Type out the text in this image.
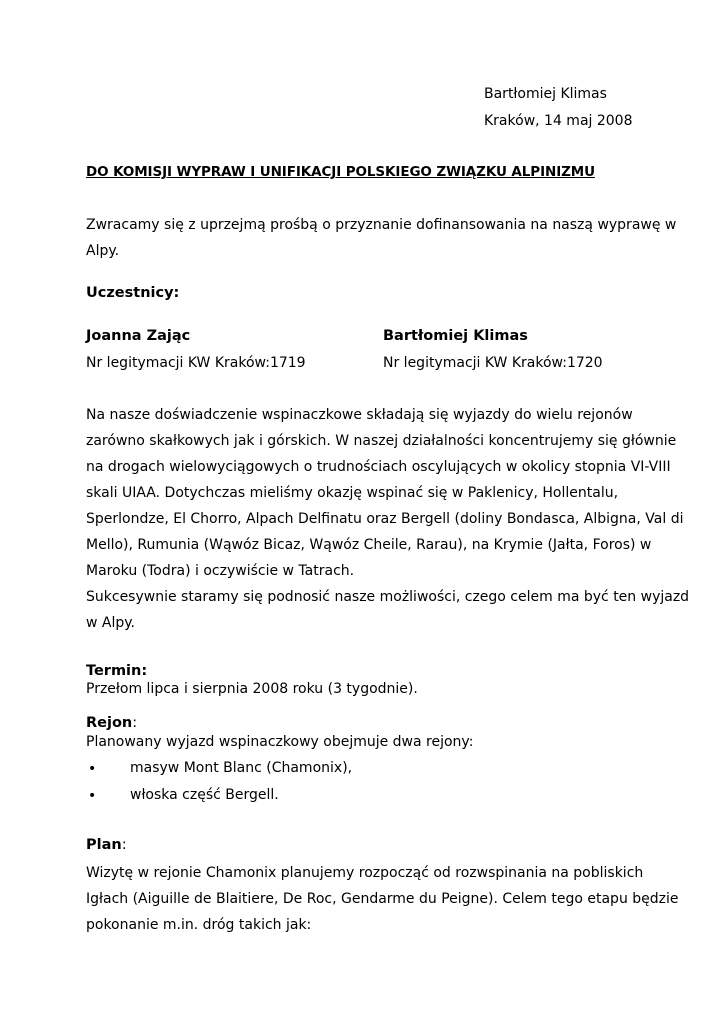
Bartłomiej Klimas
Kraków, 14 maj 2008
DO KOMISJI WYPRAW I UNIFIKACJI POLSKIEGO ZWIĄZKU ALPINIZMU
Zwracamy się z uprzejmą prośbą o przyznanie dofinansowania na naszą wyprawę w
Alpy.
Uczestnicy:
Joanna Zając
Nr legitymacji KW Kraków:1719
Bartłomiej Klimas
Nr legitymacji KW Kraków:1720
Na nasze doświadczenie wspinaczkowe składają się wyjazdy do wielu rejonów
zarówno skałkowych jak i górskich. W naszej działalności koncentrujemy się głównie
na drogach wielowyciągowych o trudnościach oscylujących w okolicy stopnia VI-VIII
skali UIAA. Dotychczas mieliśmy okazję wspinać się w Paklenicy, Hollentalu,
Sperlondze, El Chorro, Alpach Delfinatu oraz Bergell (doliny Bondasca, Albigna, Val di
Mello), Rumunia (Wąwóz Bicaz, Wąwóz Cheile, Rarau), na Krymie (Jałta, Foros) w
Maroku (Todra) i oczywiście w Tatrach.
Sukcesywnie staramy się podnosić nasze możliwości, czego celem ma być ten wyjazd
w Alpy.
Termin:
Przełom lipca i sierpnia 2008 roku (3 tygodnie).
Rejon:
Planowany wyjazd wspinaczkowy obejmuje dwa rejony:
• masyw Mont Blanc (Chamonix),
• włoska część Bergell.
Plan:
Wizytę w rejonie Chamonix planujemy rozpocząć od rozwspinania na pobliskich
Igłach (Aiguille de Blaitiere, De Roc, Gendarme du Peigne). Celem tego etapu będzie
pokonanie m.in. dróg takich jak:
